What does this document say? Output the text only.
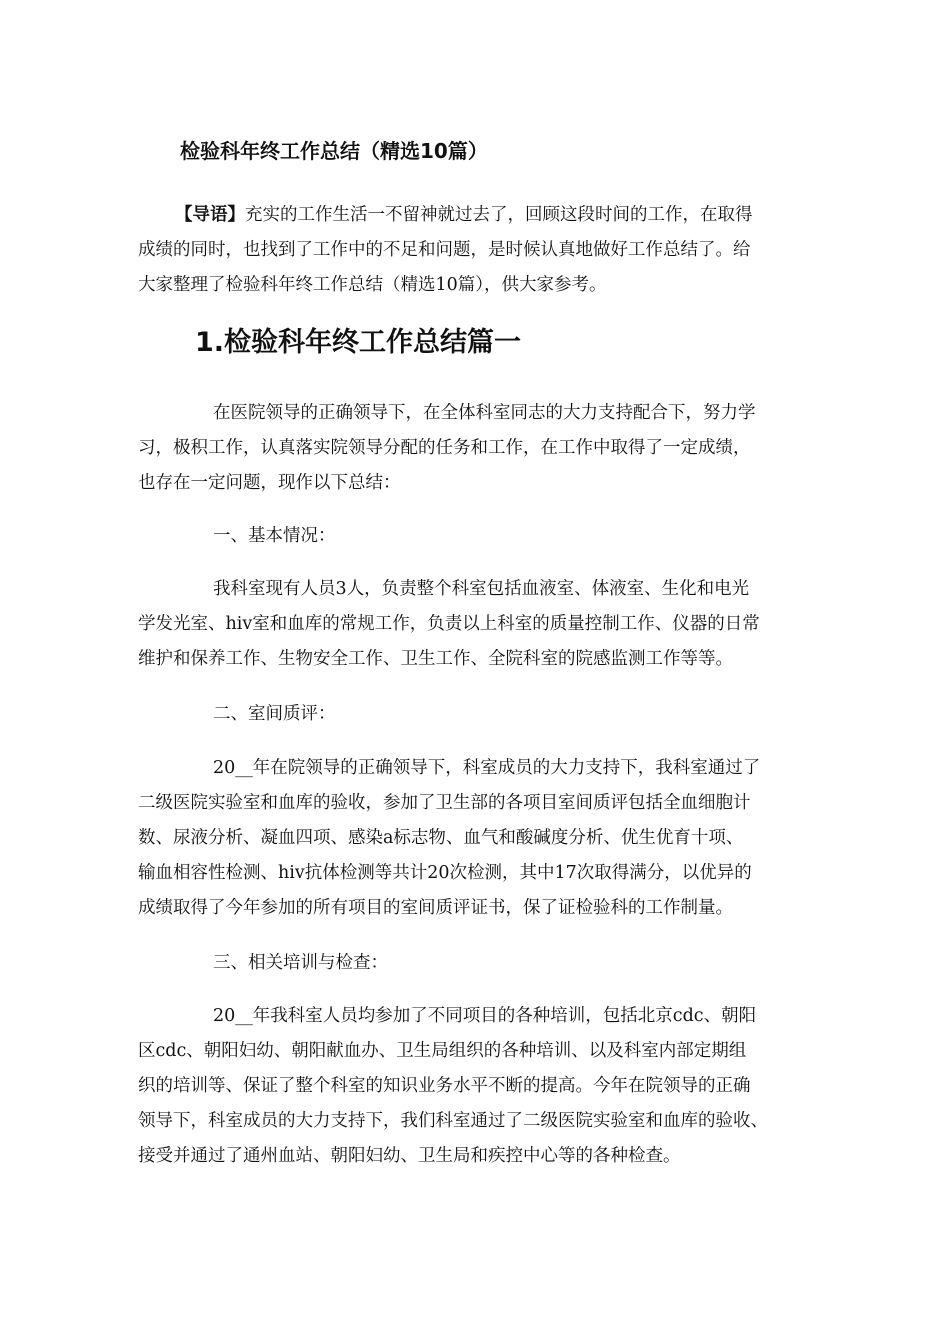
检验科年终工作总结（精选10篇）
【导语】充实的工作生活一不留神就过去了，回顾这段时间的工作，在取得
成绩的同时，也找到了工作中的不足和问题，是时候认真地做好工作总结了。给
大家整理了检验科年终工作总结（精选10篇），供大家参考。
1.检验科年终工作总结篇一
在医院领导的正确领导下，在全体科室同志的大力支持配合下，努力学
习，极积工作，认真落实院领导分配的任务和工作，在工作中取得了一定成绩，
也存在一定问题，现作以下总结：
一、基本情况：
我科室现有人员3人，负责整个科室包括血液室、体液室、生化和电光
学发光室、hiv室和血库的常规工作，负责以上科室的质量控制工作、仪器的日常
维护和保养工作、生物安全工作、卫生工作、全院科室的院感监测工作等等。
二、室间质评：
20__年在院领导的正确领导下，科室成员的大力支持下，我科室通过了
二级医院实验室和血库的验收，参加了卫生部的各项目室间质评包括全血细胞计
数、尿液分析、凝血四项、感染a标志物、血气和酸碱度分析、优生优育十项、
输血相容性检测、hiv抗体检测等共计20次检测，其中17次取得满分，以优异的
成绩取得了今年参加的所有项目的室间质评证书，保了证检验科的工作制量。
三、相关培训与检查：
20__年我科室人员均参加了不同项目的各种培训，包括北京cdc、朝阳
区cdc、朝阳妇幼、朝阳献血办、卫生局组织的各种培训、以及科室内部定期组
织的培训等、保证了整个科室的知识业务水平不断的提高。今年在院领导的正确
领导下，科室成员的大力支持下，我们科室通过了二级医院实验室和血库的验收、
接受并通过了通州血站、朝阳妇幼、卫生局和疾控中心等的各种检查。
